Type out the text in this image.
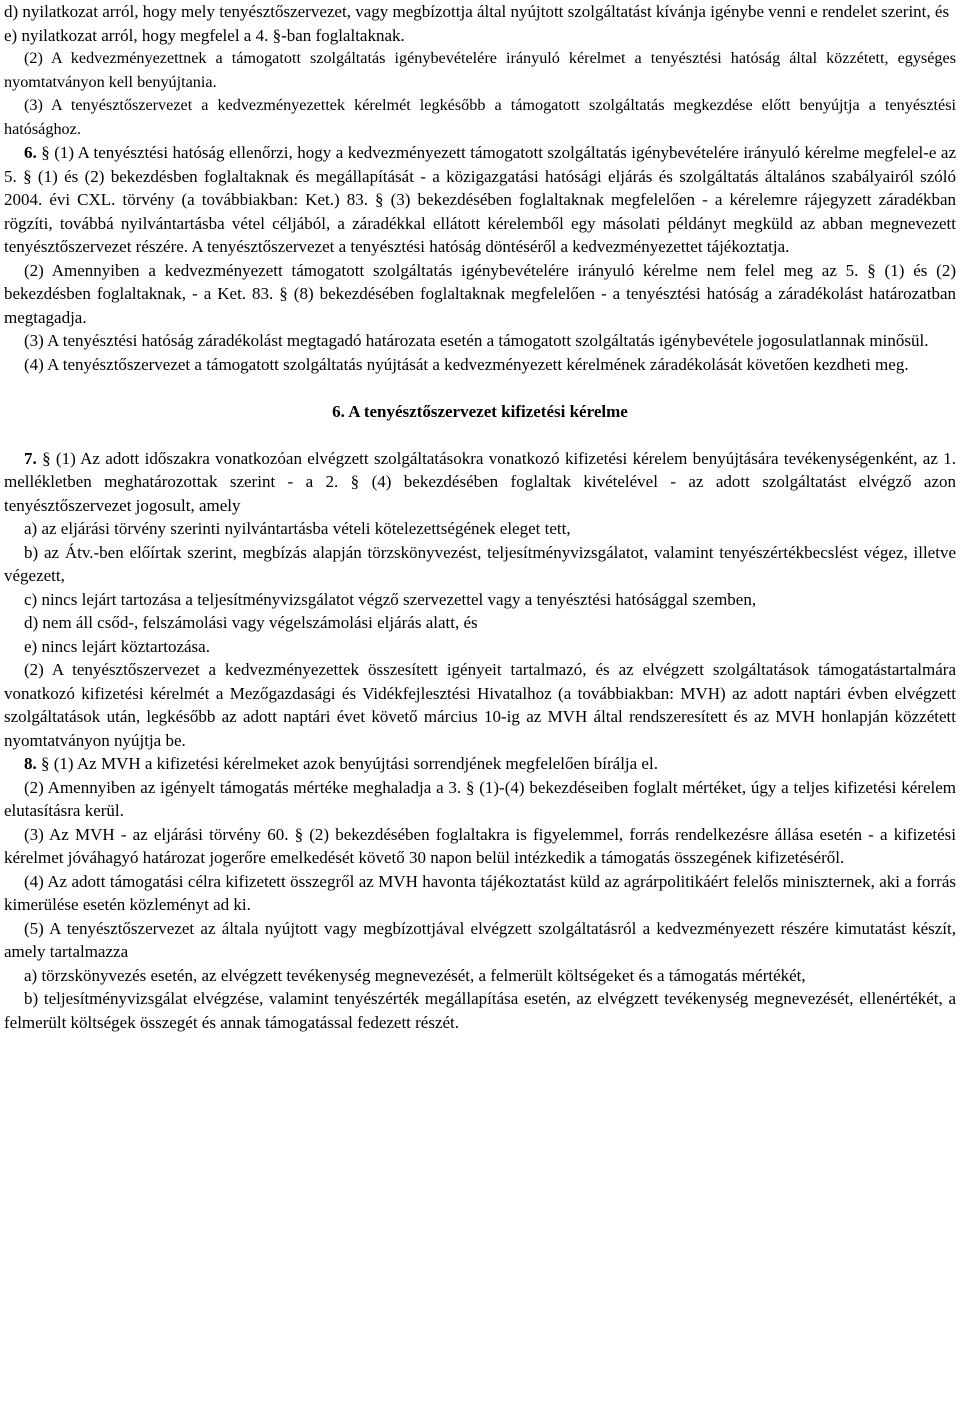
d) nyilatkozat arról, hogy mely tenyésztőszervezet, vagy megbízottja által nyújtott szolgáltatást kívánja igénybe venni e rendelet szerint, és

e) nyilatkozat arról, hogy megfelel a 4. §-ban foglaltaknak.

(2) A kedvezményezettnek a támogatott szolgáltatás igénybevételére irányuló kérelmet a tenyésztési hatóság által közzétett, egységes nyomtatványon kell benyújtania.

(3) A tenyésztőszervezet a kedvezményezettek kérelmét legkésőbb a támogatott szolgáltatás megkezdése előtt benyújtja a tenyésztési hatósághoz.

6. § (1) A tenyésztési hatóság ellenőrzi, hogy a kedvezményezett támogatott szolgáltatás igénybevételére irányuló kérelme megfelel-e az 5. § (1) és (2) bekezdésben foglaltaknak és megállapítását - a közigazgatási hatósági eljárás és szolgáltatás általános szabályairól szóló 2004. évi CXL. törvény (a továbbiakban: Ket.) 83. § (3) bekezdésében foglaltaknak megfelelően - a kérelemre rájegyzett záradékban rögzíti, továbbá nyilvántartásba vétel céljából, a záradékkal ellátott kérelemből egy másolati példányt megküld az abban megnevezett tenyésztőszervezet részére. A tenyésztőszervezet a tenyésztési hatóság döntéséről a kedvezményezettet tájékoztatja.

(2) Amennyiben a kedvezményezett támogatott szolgáltatás igénybevételére irányuló kérelme nem felel meg az 5. § (1) és (2) bekezdésben foglaltaknak, - a Ket. 83. § (8) bekezdésében foglaltaknak megfelelően - a tenyésztési hatóság a záradékolást határozatban megtagadja.

(3) A tenyésztési hatóság záradékolást megtagadó határozata esetén a támogatott szolgáltatás igénybevétele jogosulatlannak minősül.

(4) A tenyésztőszervezet a támogatott szolgáltatás nyújtását a kedvezményezett kérelmének záradékolását követően kezdheti meg.

6. A tenyésztőszervezet kifizetési kérelme

7. § (1) Az adott időszakra vonatkozóan elvégzett szolgáltatásokra vonatkozó kifizetési kérelem benyújtására tevékenységenként, az 1. mellékletben meghatározottak szerint - a 2. § (4) bekezdésében foglaltak kivételével - az adott szolgáltatást elvégző azon tenyésztőszervezet jogosult, amely

a) az eljárási törvény szerinti nyilvántartásba vételi kötelezettségének eleget tett,

b) az Átv.-ben előírtak szerint, megbízás alapján törzskönyvezést, teljesítményvizsgálatot, valamint tenyészértékbecslést végez, illetve végezett,

c) nincs lejárt tartozása a teljesítményvizsgálatot végző szervezettel vagy a tenyésztési hatósággal szemben,

d) nem áll csőd-, felszámolási vagy végelszámolási eljárás alatt, és

e) nincs lejárt köztartozása.

(2) A tenyésztőszervezet a kedvezményezettek összesített igényeit tartalmazó, és az elvégzett szolgáltatások támogatástartalmára vonatkozó kifizetési kérelmét a Mezőgazdasági és Vidékfejlesztési Hivatalhoz (a továbbiakban: MVH) az adott naptári évben elvégzett szolgáltatások után, legkésőbb az adott naptári évet követő március 10-ig az MVH által rendszeresített és az MVH honlapján közzétett nyomtatványon nyújtja be.

8. § (1) Az MVH a kifizetési kérelmeket azok benyújtási sorrendjének megfelelően bírálja el.

(2) Amennyiben az igényelt támogatás mértéke meghaladja a 3. § (1)-(4) bekezdéseiben foglalt mértéket, úgy a teljes kifizetési kérelem elutasításra kerül.

(3) Az MVH - az eljárási törvény 60. § (2) bekezdésében foglaltakra is figyelemmel, forrás rendelkezésre állása esetén - a kifizetési kérelmet jóváhagyó határozat jogerőre emelkedését követő 30 napon belül intézkedik a támogatás összegének kifizetéséről.

(4) Az adott támogatási célra kifizetett összegről az MVH havonta tájékoztatást küld az agrárpolitikáért felelős miniszternek, aki a forrás kimerülése esetén közleményt ad ki.

(5) A tenyésztőszervezet az általa nyújtott vagy megbízottjával elvégzett szolgáltatásról a kedvezményezett részére kimutatást készít, amely tartalmazza

a) törzskönyvezés esetén, az elvégzett tevékenység megnevezését, a felmerült költségeket és a támogatás mértékét,

b) teljesítményvizsgálat elvégzése, valamint tenyészérték megállapítása esetén, az elvégzett tevékenység megnevezését, ellenértékét, a felmerült költségek összegét és annak támogatással fedezett részét.
